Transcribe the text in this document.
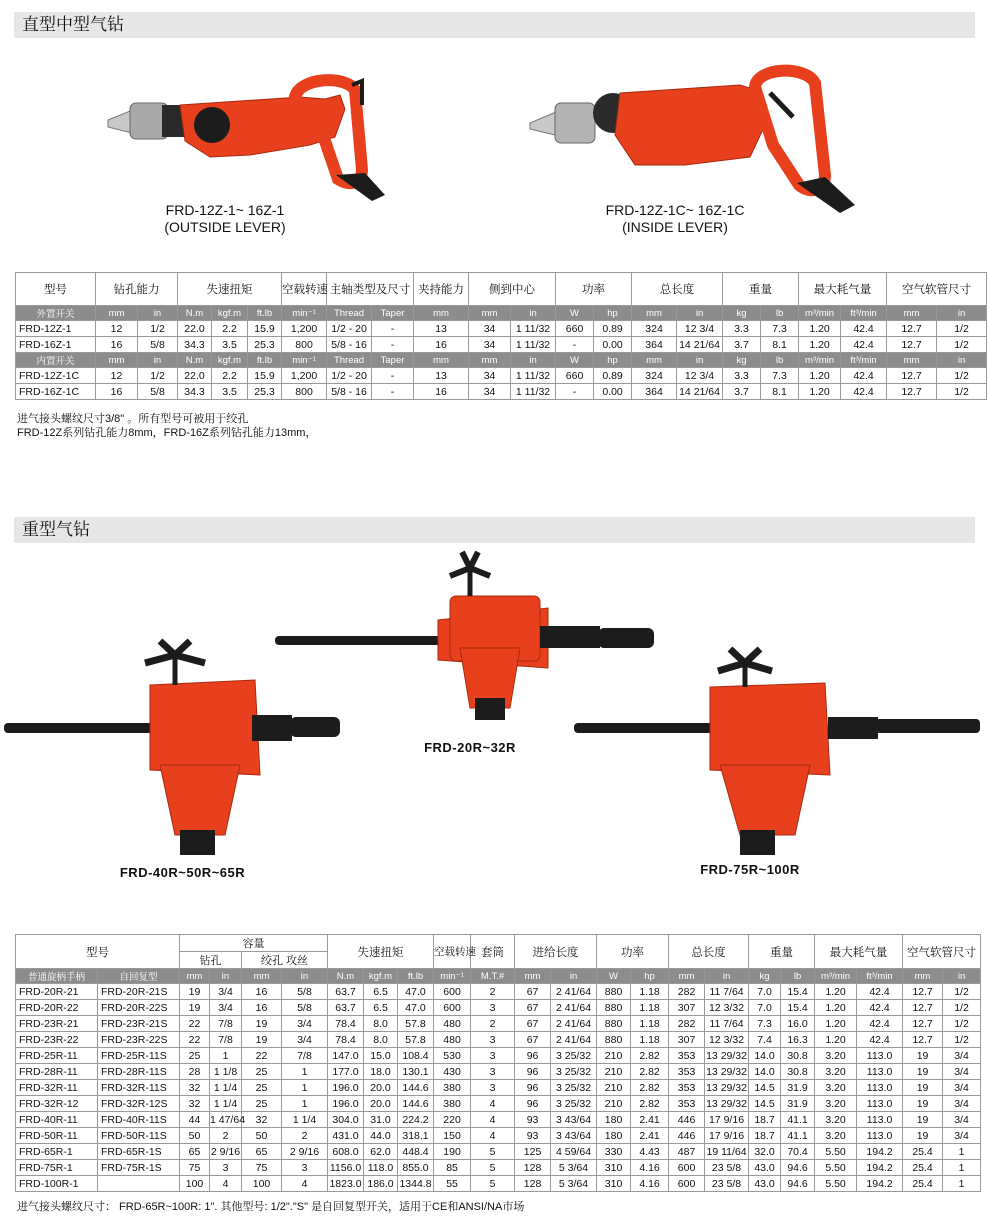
直型中型气钻
FRD-12Z-1~ 16Z-1
(OUTSIDE LEVER)
FRD-12Z-1C~ 16Z-1C
(INSIDE LEVER)
型号	钻孔能力		失速扭矩			空载转速	主轴类型及尺寸		夹持能力	侧到中心		功率		总长度		重量		最大耗气量		空气软管尺寸	
外置开关	mm	in	N.m	kgf.m	ft.lb	min⁻¹	Thread	Taper	mm	mm	in	W	hp	mm	in	kg	lb	m³/min	ft³/min	mm	in
FRD-12Z-1	12	1/2	22.0	2.2	15.9	1,200	1/2 - 20	-	13	34	1 11/32	660	0.89	324	12 3/4	3.3	7.3	1.20	42.4	12.7	1/2
FRD-16Z-1	16	5/8	34.3	3.5	25.3	800	5/8 - 16	-	16	34	1 11/32	-	0.00	364	14 21/64	3.7	8.1	1.20	42.4	12.7	1/2
内置开关	mm	in	N.m	kgf.m	ft.lb	min⁻¹	Thread	Taper	mm	mm	in	W	hp	mm	in	kg	lb	m³/min	ft³/min	mm	in
FRD-12Z-1C	12	1/2	22.0	2.2	15.9	1,200	1/2 - 20	-	13	34	1 11/32	660	0.89	324	12 3/4	3.3	7.3	1.20	42.4	12.7	1/2
FRD-16Z-1C	16	5/8	34.3	3.5	25.3	800	5/8 - 16	-	16	34	1 11/32	-	0.00	364	14 21/64	3.7	8.1	1.20	42.4	12.7	1/2
进气接头螺纹尺寸3/8" 。所有型号可被用于绞孔
FRD-12Z系列钻孔能力8mm，FRD-16Z系列钻孔能力13mm，
重型气钻
FRD-20R~32R
FRD-40R~50R~65R	FRD-75R~100R
型号		容量				失速扭矩			空载转速	套筒	进给长度		功率		总长度		重量		最大耗气量		空气软管尺寸	
		钻孔		绞孔 攻丝																		
普通旋柄手柄	自回复型	mm	in	mm	in	N.m	kgf.m	ft.lb	min⁻¹	M.T.#	mm	in	W	hp	mm	in	kg	lb	m³/min	ft³/min	mm	in
FRD-20R-21	FRD-20R-21S	19	3/4	16	5/8	63.7	6.5	47.0	600	2	67	2 41/64	880	1.18	282	11 7/64	7.0	15.4	1.20	42.4	12.7	1/2
FRD-20R-22	FRD-20R-22S	19	3/4	16	5/8	63.7	6.5	47.0	600	3	67	2 41/64	880	1.18	307	12 3/32	7.0	15.4	1.20	42.4	12.7	1/2
FRD-23R-21	FRD-23R-21S	22	7/8	19	3/4	78.4	8.0	57.8	480	2	67	2 41/64	880	1.18	282	11 7/64	7.3	16.0	1.20	42.4	12.7	1/2
FRD-23R-22	FRD-23R-22S	22	7/8	19	3/4	78.4	8.0	57.8	480	3	67	2 41/64	880	1.18	307	12 3/32	7.4	16.3	1.20	42.4	12.7	1/2
FRD-25R-11	FRD-25R-11S	25	1	22	7/8	147.0	15.0	108.4	530	3	96	3 25/32	210	2.82	353	13 29/32	14.0	30.8	3.20	113.0	19	3/4
FRD-28R-11	FRD-28R-11S	28	1 1/8	25	1	177.0	18.0	130.1	430	3	96	3 25/32	210	2.82	353	13 29/32	14.0	30.8	3.20	113.0	19	3/4
FRD-32R-11	FRD-32R-11S	32	1 1/4	25	1	196.0	20.0	144.6	380	3	96	3 25/32	210	2.82	353	13 29/32	14.5	31.9	3.20	113.0	19	3/4
FRD-32R-12	FRD-32R-12S	32	1 1/4	25	1	196.0	20.0	144.6	380	4	96	3 25/32	210	2.82	353	13 29/32	14.5	31.9	3.20	113.0	19	3/4
FRD-40R-11	FRD-40R-11S	44	1 47/64	32	1 1/4	304.0	31.0	224.2	220	4	93	3 43/64	180	2.41	446	17 9/16	18.7	41.1	3.20	113.0	19	3/4
FRD-50R-11	FRD-50R-11S	50	2	50	2	431.0	44.0	318.1	150	4	93	3 43/64	180	2.41	446	17 9/16	18.7	41.1	3.20	113.0	19	3/4
FRD-65R-1	FRD-65R-1S	65	2 9/16	65	2 9/16	608.0	62.0	448.4	190	5	125	4 59/64	330	4.43	487	19 11/64	32.0	70.4	5.50	194.2	25.4	1
FRD-75R-1	FRD-75R-1S	75	3	75	3	1156.0	118.0	855.0	85	5	128	5 3/64	310	4.16	600	23 5/8	43.0	94.6	5.50	194.2	25.4	1
FRD-100R-1		100	4	100	4	1823.0	186.0	1344.8	55	5	128	5 3/64	310	4.16	600	23 5/8	43.0	94.6	5.50	194.2	25.4	1
进气接头螺纹尺寸： FRD-65R~100R: 1". 其他型号: 1/2"."S" 是自回复型开关，适用于CE和ANSI/NA市场
